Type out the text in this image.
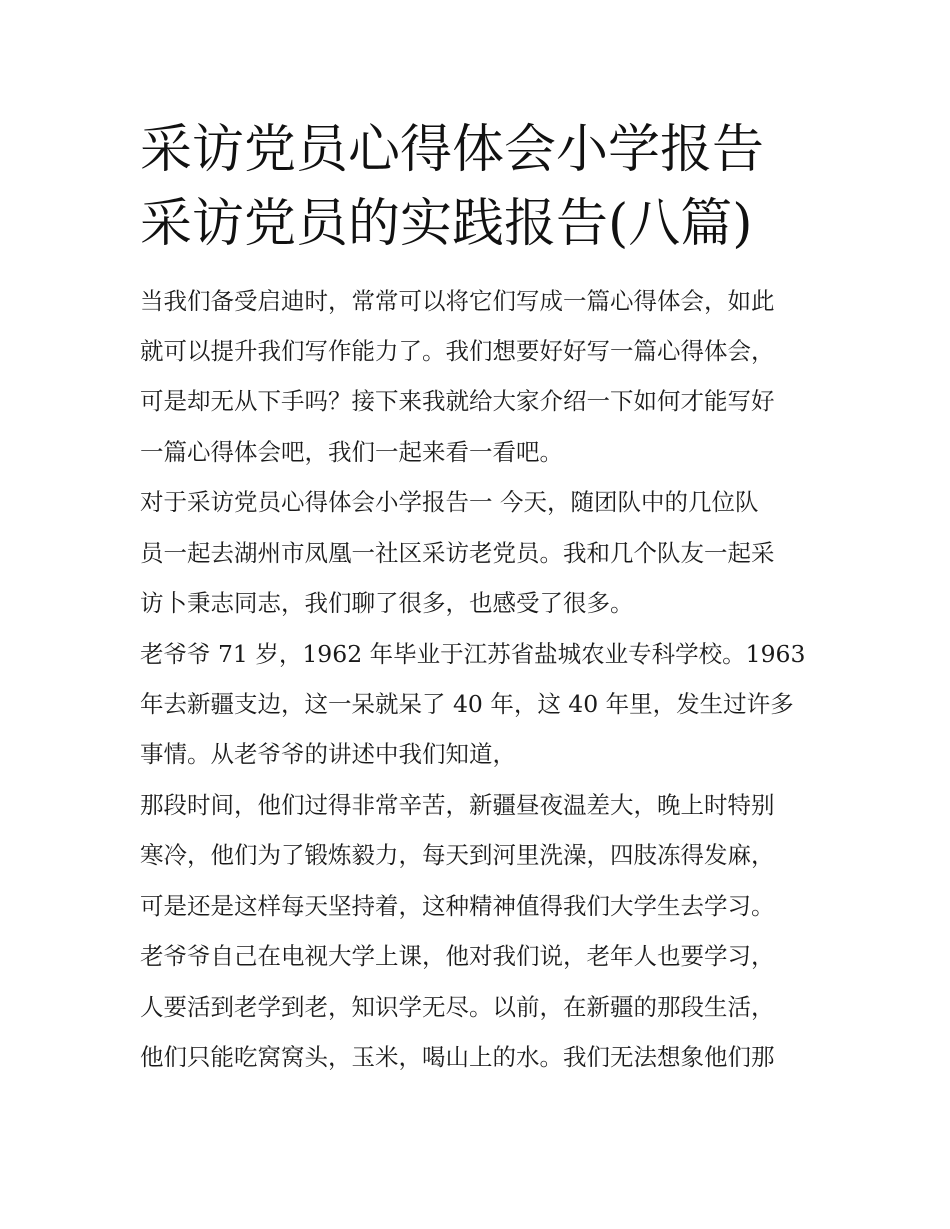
采访党员心得体会小学报告 采访党员的实践报告(八篇)

当我们备受启迪时，常常可以将它们写成一篇心得体会，如此

就可以提升我们写作能力了。我们想要好好写一篇心得体会，

可是却无从下手吗？接下来我就给大家介绍一下如何才能写好

一篇心得体会吧，我们一起来看一看吧。

对于采访党员心得体会小学报告一 今天，随团队中的几位队

员一起去湖州市凤凰一社区采访老党员。我和几个队友一起采

访卜秉志同志，我们聊了很多，也感受了很多。

老爷爷 71 岁，1962 年毕业于江苏省盐城农业专科学校。1963

年去新疆支边，这一呆就呆了 40 年，这 40 年里，发生过许多

事情。从老爷爷的讲述中我们知道，

那段时间，他们过得非常辛苦，新疆昼夜温差大，晚上时特别

寒冷，他们为了锻炼毅力，每天到河里洗澡，四肢冻得发麻，

可是还是这样每天坚持着，这种精神值得我们大学生去学习。

老爷爷自己在电视大学上课，他对我们说，老年人也要学习，

人要活到老学到老，知识学无尽。以前，在新疆的那段生活，

他们只能吃窝窝头，玉米，喝山上的水。我们无法想象他们那
